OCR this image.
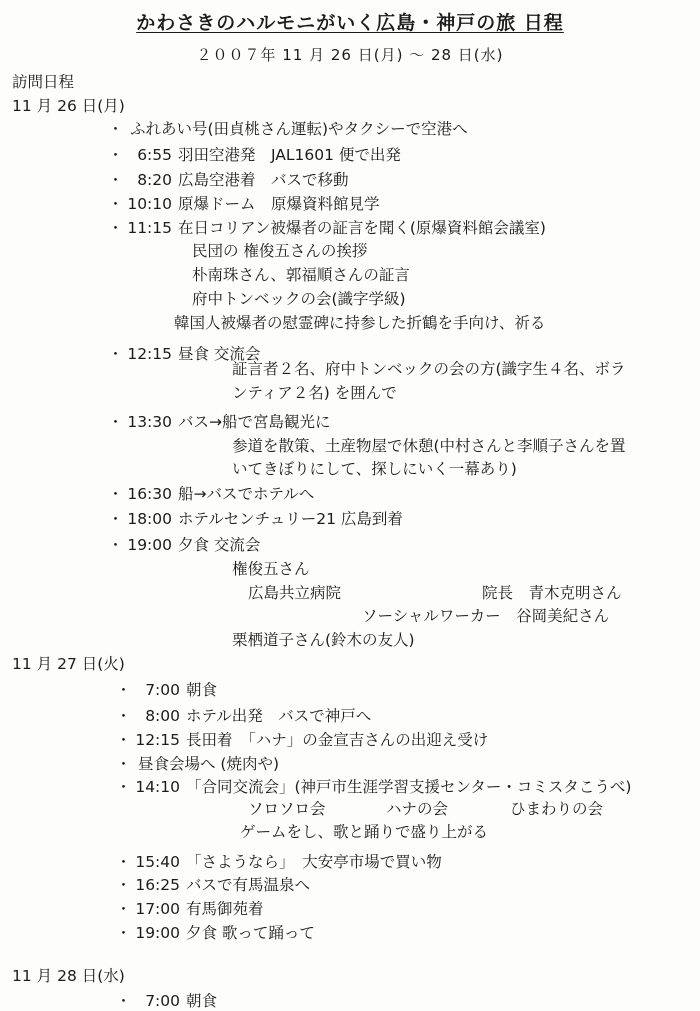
かわさきのハルモニがいく広島・神戸の旅 日程
２００７年 11 月 26 日(月) ～ 28 日(水)
訪問日程
11 月 26 日(月)
・ ふれあい号(田貞桃さん運転)やタクシーで空港へ
・ 6:55 羽田空港発　JAL1601 便で出発
・ 8:20 広島空港着　バスで移動
・ 10:10 原爆ドーム　原爆資料館見学
・ 11:15 在日コリアン被爆者の証言を聞く(原爆資料館会議室)
民団の 権俊五さんの挨拶
朴南珠さん、郭福順さんの証言
府中トンベックの会(識字学級)
韓国人被爆者の慰霊碑に持参した折鶴を手向け、祈る
・ 12:15 昼食 交流会
証言者２名、府中トンベックの会の方(識字生４名、ボラ
ンティア２名) を囲んで
・ 13:30 バス→船で宮島観光に
参道を散策、土産物屋で休憩(中村さんと李順子さんを置
いてきぼりにして、探しにいく一幕あり)
・ 16:30 船→バスでホテルへ
・ 18:00 ホテルセンチュリー21 広島到着
・ 19:00 夕食 交流会
権俊五さん
広島共立病院	院長　青木克明さん
ソーシャルワーカー　谷岡美紀さん
栗栖道子さん(鈴木の友人)
11 月 27 日(火)
・ 7:00 朝食
・ 8:00 ホテル出発　バスで神戸へ
・ 12:15 長田着　「ハナ」の金宣吉さんの出迎え受け
・ 昼食会場へ (焼肉や)
・ 14:10 「合同交流会」(神戸市生涯学習支援センター・コミスタこうべ)
ソロソロ会	ハナの会	ひまわりの会
ゲームをし、歌と踊りで盛り上がる
・ 15:40 「さようなら」　大安亭市場で買い物
・ 16:25 バスで有馬温泉へ
・ 17:00 有馬御苑着
・ 19:00 夕食 歌って踊って
11 月 28 日(水)
・ 7:00 朝食
